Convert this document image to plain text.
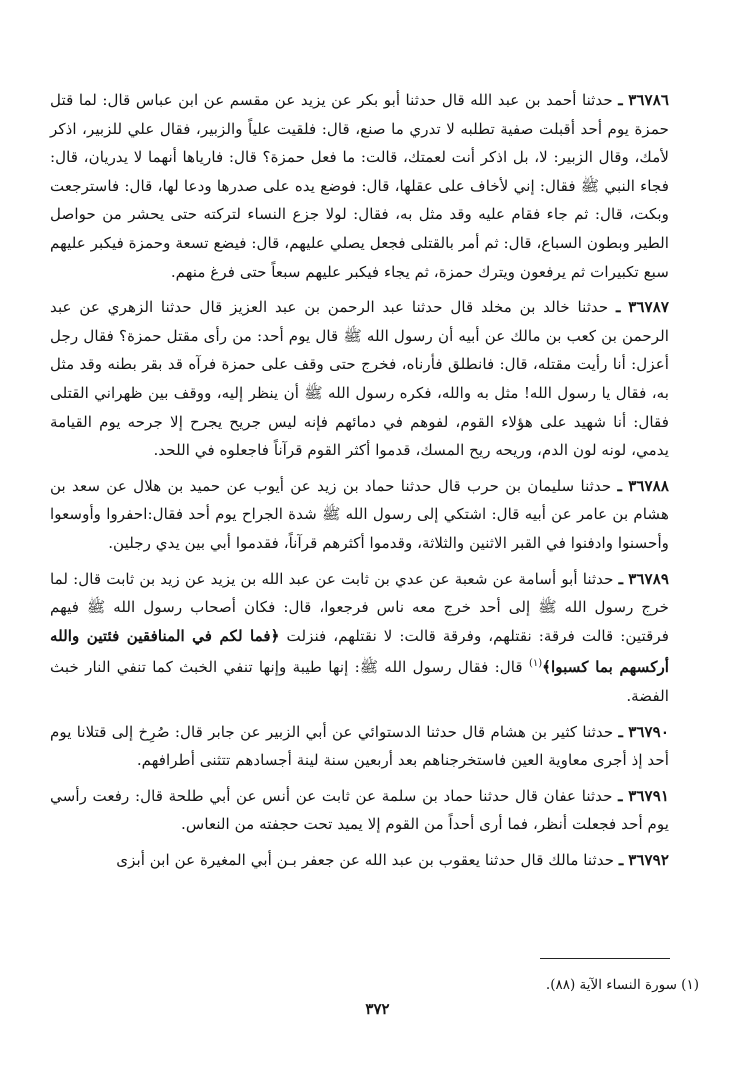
٣٦٧٨٦ ـ حدثنا أحمد بن عبد الله قال حدثنا أبو بكر عن يزيد عن مقسم عن ابن عباس قال: لما قتل حمزة يوم أحد أقبلت صفية تطلبه لا تدري ما صنع، قال: فلقيت علياً والزبير، فقال علي للزبير، اذكر لأمك، وقال الزبير: لا، بل اذكر أنت لعمتك، قالت: ما فعل حمزة؟ قال: فارياها أنهما لا يدريان، قال: فجاء النبي ﷺ فقال: إني لأخاف على عقلها، قال: فوضع يده على صدرها ودعا لها، قال: فاسترجعت وبكت، قال: ثم جاء فقام عليه وقد مثل به، فقال: لولا جزع النساء لتركته حتى يحشر من حواصل الطير وبطون السباع، قال: ثم أمر بالقتلى فجعل يصلي عليهم، قال: فيضع تسعة وحمزة فيكبر عليهم سبع تكبيرات ثم يرفعون ويترك حمزة، ثم يجاء فيكبر عليهم سبعاً حتى فرغ منهم.

٣٦٧٨٧ ـ حدثنا خالد بن مخلد قال حدثنا عبد الرحمن بن عبد العزيز قال حدثنا الزهري عن عبد الرحمن بن كعب بن مالك عن أبيه أن رسول الله ﷺ قال يوم أحد: من رأى مقتل حمزة؟ فقال رجل أعزل: أنا رأيت مقتله، قال: فانطلق فأرناه، فخرج حتى وقف على حمزة فرآه قد بقر بطنه وقد مثل به، فقال يا رسول الله! مثل به والله، فكره رسول الله ﷺ أن ينظر إليه، ووقف بين ظهراني القتلى فقال: أنا شهيد على هؤلاء القوم، لفوهم في دمائهم فإنه ليس جريح يجرح إلا جرحه يوم القيامة يدمي، لونه لون الدم، وريحه ريح المسك، قدموا أكثر القوم قرآناً فاجعلوه في اللحد.

٣٦٧٨٨ ـ حدثنا سليمان بن حرب قال حدثنا حماد بن زيد عن أيوب عن حميد بن هلال عن سعد بن هشام بن عامر عن أبيه قال: اشتكي إلى رسول الله ﷺ شدة الجراح يوم أحد فقال:احفروا وأوسعوا وأحسنوا وادفنوا في القبر الاثنين والثلاثة، وقدموا أكثرهم قرآناً، فقدموا أبي بين يدي رجلين.

٣٦٧٨٩ ـ حدثنا أبو أسامة عن شعبة عن عدي بن ثابت عن عبد الله بن يزيد عن زيد بن ثابت قال: لما خرج رسول الله ﷺ إلى أحد خرج معه ناس فرجعوا، قال: فكان أصحاب رسول الله ﷺ فيهم فرقتين: قالت فرقة: نقتلهم، وفرقة قالت: لا نقتلهم، فنزلت ﴿فما لكم في المنافقين فئتين والله أركسهم بما كسبوا﴾$^{(١)}$ قال: فقال رسول الله ﷺ: إنها طيبة وإنها تنفي الخبث كما تنفي النار خبث الفضة.

٣٦٧٩٠ ـ حدثنا كثير بن هشام قال حدثنا الدستوائي عن أبي الزبير عن جابر قال: صُرِخ إلى قتلانا يوم أحد إذ أجرى معاوية العين فاستخرجناهم بعد أربعين سنة لينة أجسادهم تتثنى أطرافهم.

٣٦٧٩١ ـ حدثنا عفان قال حدثنا حماد بن سلمة عن ثابت عن أنس عن أبي طلحة قال: رفعت رأسي يوم أحد فجعلت أنظر، فما أرى أحداً من القوم إلا يميد تحت حجفته من النعاس.

٣٦٧٩٢ ـ حدثنا مالك قال حدثنا يعقوب بن عبد الله عن جعفر بـن أبي المغيرة عن ابن أبزى

(١) سورة النساء الآية (٨٨).
٣٧٢
